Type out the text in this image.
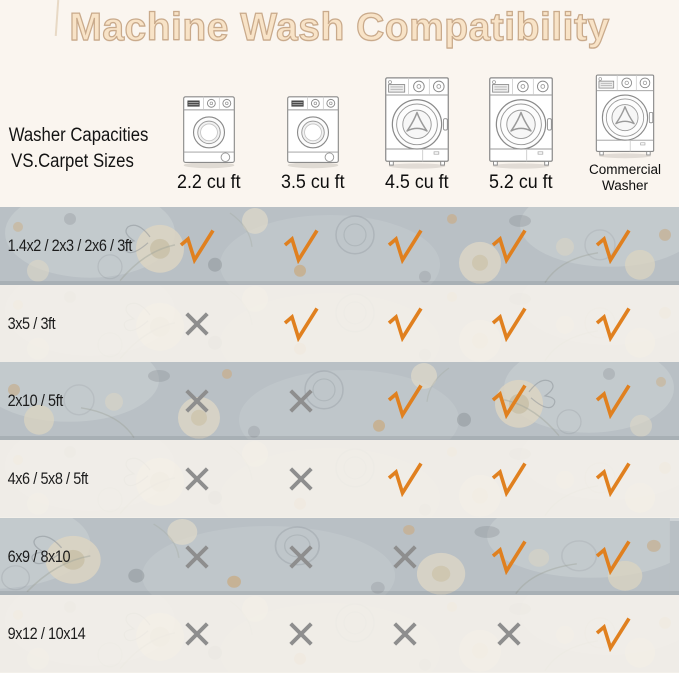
Machine Wash Compatibility
Washer Capacities
VS.Carpet Sizes
2.2 cu ft 3.5 cu ft 4.5 cu ft 5.2 cu ft
Commercial Washer
1.4x2 / 2x3 / 2x6 / 3ft
3x5 / 3ft
2x10 / 5ft
4x6 / 5x8 / 5ft
6x9 / 8x10
9x12 / 10x14
